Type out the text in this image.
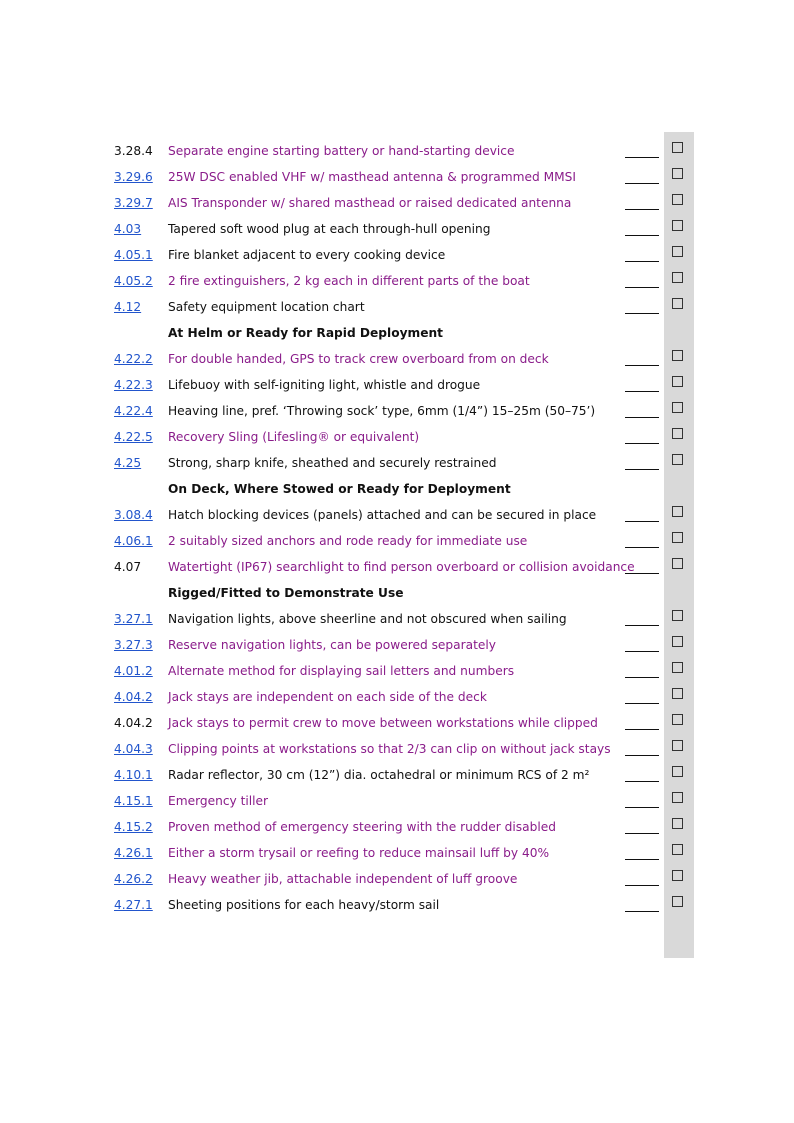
3.28.4 Separate engine starting battery or hand-starting device
3.29.6 25W DSC enabled VHF w/ masthead antenna & programmed MMSI
3.29.7 AIS Transponder w/ shared masthead or raised dedicated antenna
4.03 Tapered soft wood plug at each through-hull opening
4.05.1 Fire blanket adjacent to every cooking device
4.05.2 2 fire extinguishers, 2 kg each in different parts of the boat
4.12 Safety equipment location chart
At Helm or Ready for Rapid Deployment
4.22.2 For double handed, GPS to track crew overboard from on deck
4.22.3 Lifebuoy with self-igniting light, whistle and drogue
4.22.4 Heaving line, pref. ‘Throwing sock’ type, 6mm (1/4”) 15–25m (50–75’)
4.22.5 Recovery Sling (Lifesling® or equivalent)
4.25 Strong, sharp knife, sheathed and securely restrained
On Deck, Where Stowed or Ready for Deployment
3.08.4 Hatch blocking devices (panels) attached and can be secured in place
4.06.1 2 suitably sized anchors and rode ready for immediate use
4.07 Watertight (IP67) searchlight to find person overboard or collision avoidance
Rigged/Fitted to Demonstrate Use
3.27.1 Navigation lights, above sheerline and not obscured when sailing
3.27.3 Reserve navigation lights, can be powered separately
4.01.2 Alternate method for displaying sail letters and numbers
4.04.2 Jack stays are independent on each side of the deck
4.04.2 Jack stays to permit crew to move between workstations while clipped
4.04.3 Clipping points at workstations so that 2/3 can clip on without jack stays
4.10.1 Radar reflector, 30 cm (12”) dia. octahedral or minimum RCS of 2 m²
4.15.1 Emergency tiller
4.15.2 Proven method of emergency steering with the rudder disabled
4.26.1 Either a storm trysail or reefing to reduce mainsail luff by 40%
4.26.2 Heavy weather jib, attachable independent of luff groove
4.27.1 Sheeting positions for each heavy/storm sail
